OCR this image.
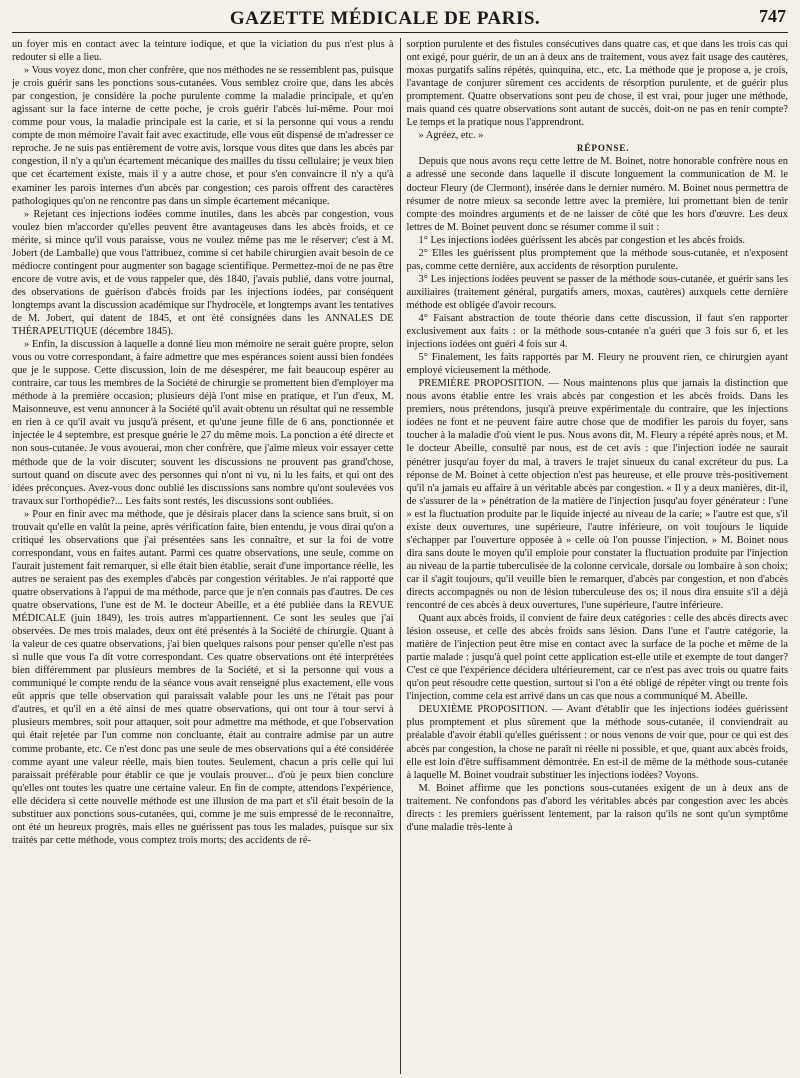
GAZETTE MÉDICALE DE PARIS.	747

un foyer mis en contact avec la teinture iodique, et que la viciation du pus n'est plus à redouter si elle a lieu.

» Vous voyez donc, mon cher confrère, que nos méthodes ne se ressemblent pas, puisque je crois guérir sans les ponctions sous-cutanées. Vous semblez croire que, dans les abcès par congestion, je considère la poche purulente comme la maladie principale, et qu'en agissant sur la face interne de cette poche, je crois guérir l'abcès lui-même. Pour moi comme pour vous, la maladie principale est la carie, et si la personne qui vous a rendu compte de mon mémoire l'avait fait avec exactitude, elle vous eût dispensé de m'adresser ce reproche. Je ne suis pas entièrement de votre avis, lorsque vous dites que dans les abcès par congestion, il n'y a qu'un écartement mécanique des mailles du tissu cellulaire; je veux bien que cet écartement existe, mais il y a autre chose, et pour s'en convaincre il n'y a qu'à examiner les parois internes d'un abcès par congestion; ces parois offrent des caractères pathologiques qu'on ne rencontre pas dans un simple écartement mécanique.

» Rejetant ces injections iodées comme inutiles, dans les abcès par congestion, vous voulez bien m'accorder qu'elles peuvent être avantageuses dans les abcès froids, et ce mérite, si mince qu'il vous paraisse, vous ne voulez même pas me le réserver; c'est à M. Jobert (de Lamballe) que vous l'attribuez, comme si cet habile chirurgien avait besoin de ce médiocre contingent pour augmenter son bagage scientifique. Permettez-moi de ne pas être encore de votre avis, et de vous rappeler que, dès 1840, j'avais publié, dans votre journal, des observations de guérison d'abcès froids par les injections iodées, par conséquent longtemps avant la discussion académique sur l'hydrocèle, et longtemps avant les tentatives de M. Jobert, qui datent de 1845, et ont été consignées dans les ANNALES DE THÉRAPEUTIQUE (décembre 1845).

» Enfin, la discussion à laquelle a donné lieu mon mémoire ne serait guère propre, selon vous ou votre correspondant, à faire admettre que mes espérances soient aussi bien fondées que je le suppose. Cette discussion, loin de me désespérer, me fait beaucoup espérer au contraire, car tous les membres de la Société de chirurgie se promettent bien d'employer ma méthode à la première occasion; plusieurs déjà l'ont mise en pratique, et l'un d'eux, M. Maisonneuve, est venu annoncer à la Société qu'il avait obtenu un résultat qui ne ressemble en rien à ce qu'il avait vu jusqu'à présent, et qu'une jeune fille de 6 ans, ponctionnée et injectée le 4 septembre, est presque guérie le 27 du même mois. La ponction a été directe et non sous-cutanée. Je vous avouerai, mon cher confrère, que j'aime mieux voir essayer cette méthode que de la voir discuter; souvent les discussions ne prouvent pas grand'chose, surtout quand on discute avec des personnes qui n'ont ni vu, ni lu les faits, et qui ont des idées préconçues. Avez-vous donc oublié les discussions sans nombre qu'ont soulevées vos travaux sur l'orthopédie?... Les faits sont restés, les discussions sont oubliées.

» Pour en finir avec ma méthode, que je désirais placer dans la science sans bruit, si on trouvait qu'elle en valût la peine, après vérification faite, bien entendu, je vous dirai qu'on a critiqué les observations que j'ai présentées sans les connaître, et sur la foi de votre correspondant, vous en faites autant. Parmi ces quatre observations, une seule, comme on l'aurait justement fait remarquer, si elle était bien établie, serait d'une importance réelle, les autres ne seraient pas des exemples d'abcès par congestion véritables. Je n'ai rapporté que quatre observations à l'appui de ma méthode, parce que je n'en connais pas d'autres. De ces quatre observations, l'une est de M. le docteur Abeille, et a été publiée dans la REVUE MÉDICALE (juin 1849), les trois autres m'appartiennent. Ce sont les seules que j'ai observées. De mes trois malades, deux ont été présentés à la Société de chirurgie. Quant à la valeur de ces quatre observations, j'ai bien quelques raisons pour penser qu'elle n'est pas si nulle que vous l'a dit votre correspondant. Ces quatre observations ont été interprétées bien différemment par plusieurs membres de la Société, et si la personne qui vous a communiqué le compte rendu de la séance vous avait renseigné plus exactement, elle vous eût appris que telle observation qui paraissait valable pour les uns ne l'était pas pour d'autres, et qu'il en a été ainsi de mes quatre observations, qui ont tour à tour servi à plusieurs membres, soit pour attaquer, soit pour admettre ma méthode, et que l'observation qui était rejetée par l'un comme non concluante, était au contraire admise par un autre comme probante, etc. Ce n'est donc pas une seule de mes observations qui a été considérée comme ayant une valeur réelle, mais bien toutes. Seulement, chacun a pris celle qui lui paraissait préférable pour établir ce que je voulais prouver... d'où je peux bien conclure qu'elles ont toutes les quatre une certaine valeur. En fin de compte, attendons l'expérience, elle décidera si cette nouvelle méthode est une illusion de ma part et s'il était besoin de la substituer aux ponctions sous-cutanées, qui, comme je me suis empressé de le reconnaître, ont été un heureux progrès, mais elles ne guérissent pas tous les malades, puisque sur six traités par cette méthode, vous comptez trois morts; des accidents de ré-

sorption purulente et des fistules consécutives dans quatre cas, et que dans les trois cas qui ont exigé, pour guérir, de un an à deux ans de traitement, vous avez fait usage des cautères, moxas purgatifs salins répétés, quinquina, etc., etc. La méthode que je propose a, je crois, l'avantage de conjurer sûrement ces accidents de résorption purulente, et de guérir plus promptement. Quatre observations sont peu de chose, il est vrai, pour juger une méthode, mais quand ces quatre observations sont autant de succès, doit-on ne pas en tenir compte? Le temps et la pratique nous l'apprendront.

» Agréez, etc. »

RÉPONSE.

Depuis que nous avons reçu cette lettre de M. Boinet, notre honorable confrère nous en a adressé une seconde dans laquelle il discute longuement la communication de M. le docteur Fleury (de Clermont), insérée dans le dernier numéro. M. Boinet nous permettra de résumer de notre mieux sa seconde lettre avec la première, lui promettant bien de tenir compte des moindres arguments et de ne laisser de côté que les hors d'œuvre. Les deux lettres de M. Boinet peuvent donc se résumer comme il suit :

1° Les injections iodées guérissent les abcès par congestion et les abcès froids.

2° Elles les guérissent plus promptement que la méthode sous-cutanée, et n'exposent pas, comme cette dernière, aux accidents de résorption purulente.

3° Les injections iodées peuvent se passer de la méthode sous-cutanée, et guérir sans les auxiliaires (traitement général, purgatifs amers, moxas, cautères) auxquels cette dernière méthode est obligée d'avoir recours.

4° Faisant abstraction de toute théorie dans cette discussion, il faut s'en rapporter exclusivement aux faits : or la méthode sous-cutanée n'a guéri que 3 fois sur 6, et les injections iodées ont guéri 4 fois sur 4.

5° Finalement, les faits rapportés par M. Fleury ne prouvent rien, ce chirurgien ayant employé vicieusement la méthode.

PREMIÈRE PROPOSITION. — Nous maintenons plus que jamais la distinction que nous avons établie entre les vrais abcès par congestion et les abcès froids. Dans les premiers, nous prétendons, jusqu'à preuve expérimentale du contraire, que les injections iodées ne font et ne peuvent faire autre chose que de modifier les parois du foyer, sans toucher à la maladie d'où vient le pus. Nous avons dit, M. Fleury a répété après nous, et M. le docteur Abeille, consulté par nous, est de cet avis : que l'injection iodée ne saurait pénétrer jusqu'au foyer du mal, à travers le trajet sinueux du canal excréteur du pus. La réponse de M. Boinet à cette objection n'est pas heureuse, et elle prouve très-positivement qu'il n'a jamais eu affaire à un véritable abcès par congestion. « Il y a deux manières, dit-il, de s'assurer de la » pénétration de la matière de l'injection jusqu'au foyer générateur : l'une » est la fluctuation produite par le liquide injecté au niveau de la carie; » l'autre est que, s'il existe deux ouvertures, une supérieure, l'autre inférieure, on voit toujours le liquide s'échapper par l'ouverture opposée à » celle où l'on pousse l'injection. » M. Boinet nous dira sans doute le moyen qu'il emploie pour constater la fluctuation produite par l'injection au niveau de la partie tuberculisée de la colonne cervicale, dorsale ou lombaire à son choix; car il s'agit toujours, qu'il veuille bien le remarquer, d'abcès par congestion, et non d'abcès directs accompagnés ou non de lésion tuberculeuse des os; il nous dira ensuite s'il a déjà rencontré de ces abcès à deux ouvertures, l'une supérieure, l'autre inférieure.

Quant aux abcès froids, il convient de faire deux catégories : celle des abcès directs avec lésion osseuse, et celle des abcès froids sans lésion. Dans l'une et l'autre catégorie, la matière de l'injection peut être mise en contact avec la surface de la poche et même de la partie malade : jusqu'à quel point cette application est-elle utile et exempte de tout danger? C'est ce que l'expérience décidera ultérieurement, car ce n'est pas avec trois ou quatre faits qu'on peut résoudre cette question, surtout si l'on a été obligé de répéter vingt ou trente fois l'injection, comme cela est arrivé dans un cas que nous a communiqué M. Abeille.

DEUXIÈME PROPOSITION. — Avant d'établir que les injections iodées guérissent plus promptement et plus sûrement que la méthode sous-cutanée, il conviendrait au préalable d'avoir établi qu'elles guérissent : or nous venons de voir que, pour ce qui est des abcès par congestion, la chose ne paraît ni réelle ni possible, et que, quant aux abcès froids, elle est loin d'être suffisamment démontrée. En est-il de même de la méthode sous-cutanée à laquelle M. Boinet voudrait substituer les injections iodées? Voyons.

M. Boinet affirme que les ponctions sous-cutanées exigent de un à deux ans de traitement. Ne confondons pas d'abord les véritables abcès par congestion avec les abcès directs : les premiers guérissent lentement, par la raison qu'ils ne sont qu'un symptôme d'une maladie très-lente à
